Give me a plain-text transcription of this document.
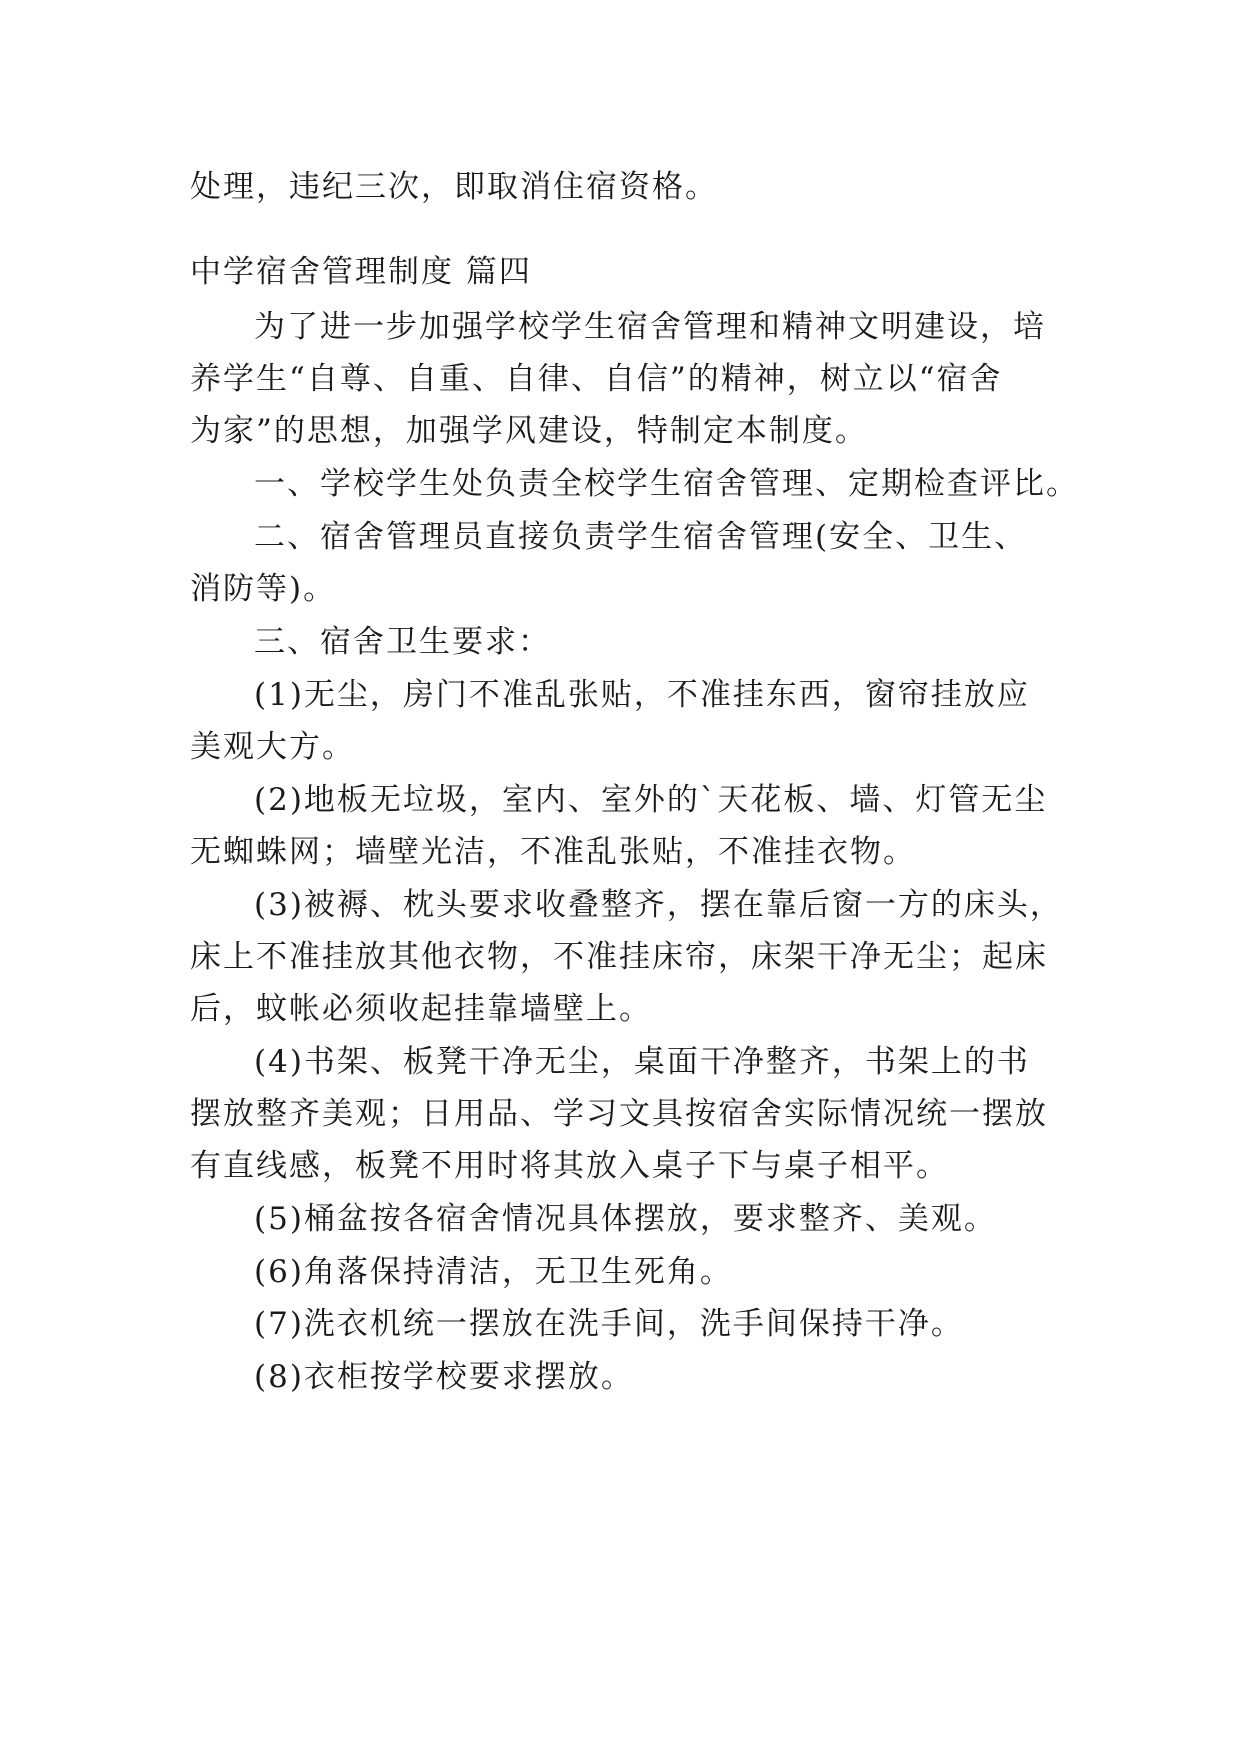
处理，违纪三次，即取消住宿资格。

中学宿舍管理制度 篇四

为了进一步加强学校学生宿舍管理和精神文明建设，培

养学生“自尊、自重、自律、自信”的精神，树立以“宿舍

为家”的思想，加强学风建设，特制定本制度。

一、学校学生处负责全校学生宿舍管理、定期检查评比。

二、宿舍管理员直接负责学生宿舍管理(安全、卫生、

消防等)。

三、宿舍卫生要求：

(1)无尘，房门不准乱张贴，不准挂东西，窗帘挂放应

美观大方。

(2)地板无垃圾，室内、室外的`天花板、墙、灯管无尘

无蜘蛛网；墙壁光洁，不准乱张贴，不准挂衣物。

(3)被褥、枕头要求收叠整齐，摆在靠后窗一方的床头，

床上不准挂放其他衣物，不准挂床帘，床架干净无尘；起床

后，蚊帐必须收起挂靠墙壁上。

(4)书架、板凳干净无尘，桌面干净整齐，书架上的书

摆放整齐美观；日用品、学习文具按宿舍实际情况统一摆放

有直线感，板凳不用时将其放入桌子下与桌子相平。

(5)桶盆按各宿舍情况具体摆放，要求整齐、美观。

(6)角落保持清洁，无卫生死角。

(7)洗衣机统一摆放在洗手间，洗手间保持干净。

(8)衣柜按学校要求摆放。
